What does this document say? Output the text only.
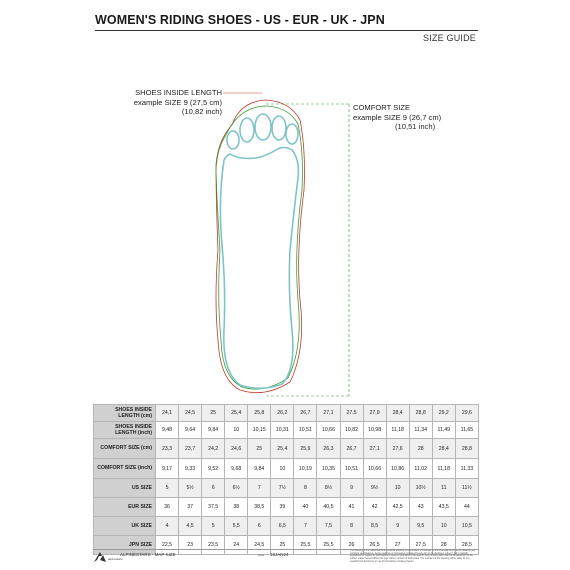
WOMEN'S RIDING SHOES - US - EUR - UK - JPN
SIZE GUIDE
SHOES INSIDE LENGTH
example SIZE 9 (27,5 cm)
(10,82 inch)	COMFORT SIZE
example SIZE 9 (26,7 cm)
(10,51 inch)
SHOES INSIDE LENGTH (cm)	24,1	24,5	25	25,4	25,8	26,2	26,7	27,1	27,5	27,9	28,4	28,8	29,2	29,6
SHOES INSIDE LENGTH (inch)	9,48	9,64	9,84	10	10,15	10,31	10,51	10,66	10,82	10,98	11,18	11,34	11,49	11,65
COMFORT SIZE (cm)	23,3	23,7	24,2	24,6	25	25,4	25,9	26,3	26,7	27,1	27,6	28	28,4	28,8
COMFORT SIZE (inch)	9,17	9,33	9,52	9,68	9,84	10	10,19	10,35	10,51	10,66	10,86	11,02	11,18	11,33
US SIZE	5	5½	6	6½	7	7½	8	8½	9	9½	10	10½	11	11½
EUR SIZE	36	37	37,5	38	38,5	39	40	40,5	41	42	42,5	43	43,5	44
UK SIZE	4	4,5	5	5,5	6	6,5	7	7,5	8	8,5	9	9,5	10	10,5
JPN SIZE	22,5	23	23,5	24	24,5	25	25,5	25,5	26	26,5	27	27,5	28	28,5
alpinestars
ALPINESTARS - MAP SIZE	Date 18JAN24
This drawing is the intellectual and exclusive property of Alpinestars. It is loaned on the understanding that the drawing, any technical specifications, design features or information contained herein will not be disclosed, either in full or partially, reproduced or copied, by third parties or used, or permitted to be used for any purpose other than the development of the subject matter hereof without the prior written consent of Alpinestars. The recipient of this drawing will be liable for any unauthorized disclosure or use of information contained herein.
